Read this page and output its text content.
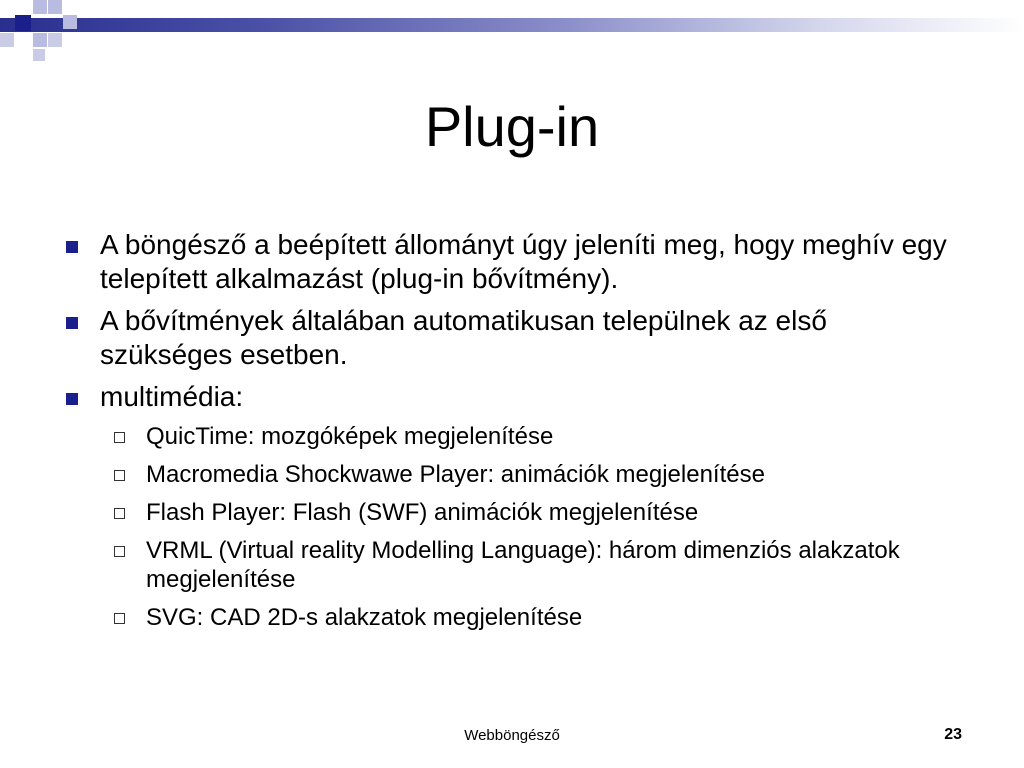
Plug-in
A böngésző a beépített állományt úgy jeleníti meg, hogy meghív egy telepített alkalmazást (plug-in bővítmény).
A bővítmények általában automatikusan települnek az első szükséges esetben.
multimédia:
QuicTime: mozgóképek megjelenítése
Macromedia Shockwawe Player: animációk megjelenítése
Flash Player: Flash (SWF) animációk megjelenítése
VRML (Virtual reality Modelling Language): három dimenziós alakzatok megjelenítése
SVG: CAD 2D-s alakzatok megjelenítése
Webböngésző	23
